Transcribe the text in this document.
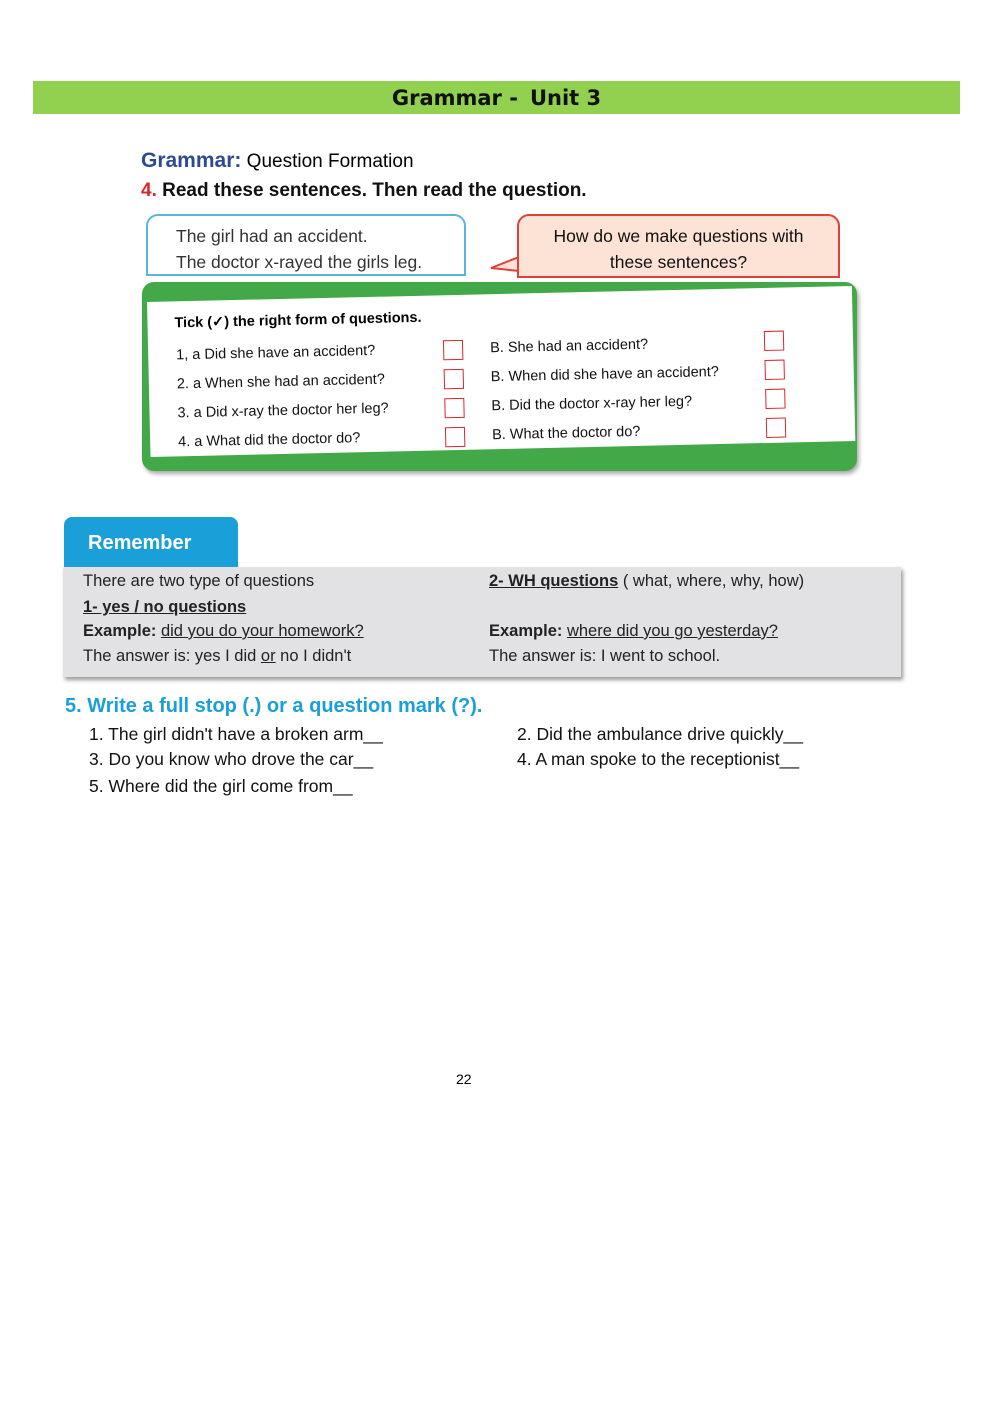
Grammar - Unit 3
Grammar: Question Formation
4. Read these sentences. Then read the question.
The girl had an accident.
The doctor x-rayed the girls leg.
How do we make questions with
these sentences?
Tick (✓) the right form of questions.
1, a Did she have an accident?
2. a When she had an accident?
3. a Did x-ray the doctor her leg?
4. a What did the doctor do?
B. She had an accident?
B. When did she have an accident?
B. Did the doctor x-ray her leg?
B. What the doctor do?
Remember
There are two type of questions
1- yes / no questions
Example: did you do your homework?
The answer is: yes I did or no I didn't
2- WH questions ( what, where, why, how)
Example: where did you go yesterday?
The answer is: I went to school.
5. Write a full stop (.) or a question mark (?).
1. The girl didn't have a broken arm__	2. Did the ambulance drive quickly__
3. Do you know who drove the car__	4. A man spoke to the receptionist__
5. Where did the girl come from__
22
